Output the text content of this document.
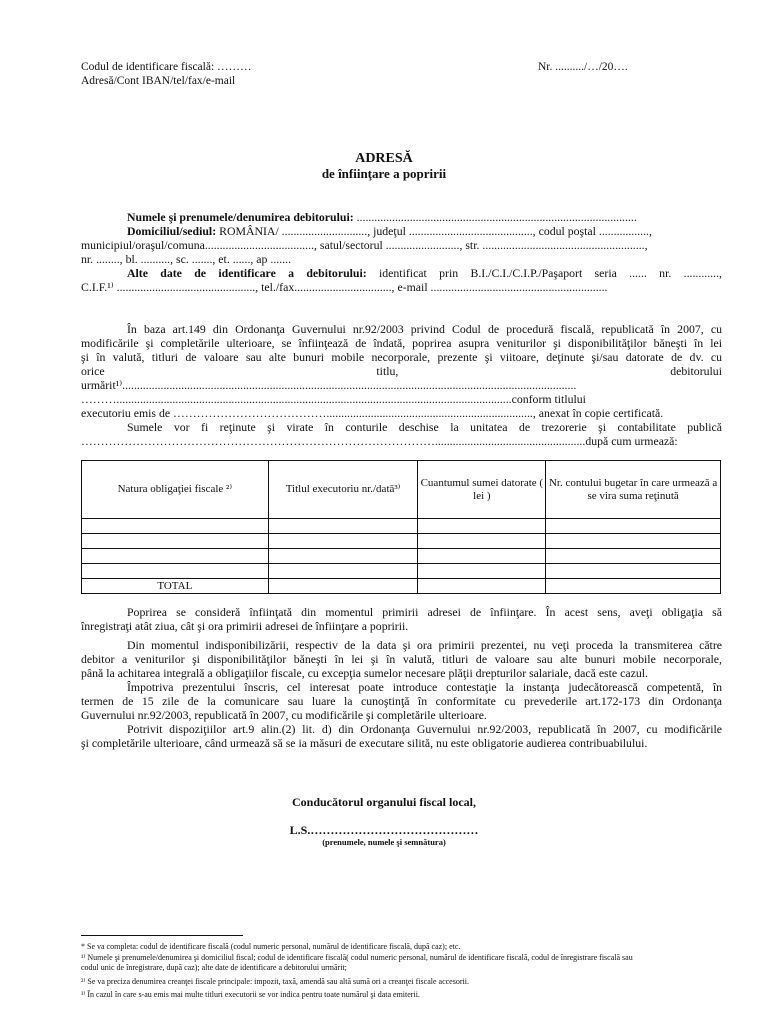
Codul de identificare fiscală: ………
Adresă/Cont IBAN/tel/fax/e-mail
Nr. ........../…/20….
ADRESĂ
de înfiinţare a popririi
Numele şi prenumele/denumirea debitorului: ...............................................................................................
Domiciliul/sediul: ROMÂNIA/ ............................., judeţul .........................................., codul poştal .................,
municipiul/oraşul/comuna....................................., satul/sectorul ........................., str. .......................................................,
nr. ........, bl. .........., sc. ......., et. ......, ap .......
Alte date de identificare a debitorului: identificat prin B.I./C.I./C.I.P./Paşaport seria ...... nr. ............,
C.I.F.¹⁾ ..............................................., tel./fax................................., e-mail ............................................................
În baza art.149 din Ordonanţa Guvernului nr.92/2003 privind Codul de procedură fiscală, republicată în 2007, cu
modificările şi completările ulterioare, se înfiinţează de îndată, poprirea asupra veniturilor şi disponibilităţilor băneşti în lei
şi în valută, titluri de valoare sau alte bunuri mobile necorporale, prezente şi viitoare, deţinute şi/sau datorate de dv. cu
orice	titlu,	debitorului
urmărit¹⁾..........................................................................................................................................................
………......................................................................................................................................conform titlului
executoriu emis de …………………………………......................................................................, anexat în copie certificată.
Sumele vor fi reţinute şi virate în conturile deschise la unitatea de trezorerie şi contabilitate publică
………………………………………………………………………………...................................................după cum urmează:
Natura obligaţiei fiscale ²⁾	Titlul executoriu nr./dată³⁾	Cuantumul sumei datorate ( lei )	Nr. contului bugetar în care urmează a se vira suma reţinută

TOTAL			
Poprirea se consideră înfiinţată din momentul primirii adresei de înfiinţare. În acest sens, aveţi obligaţia să
înregistraţi atât ziua, cât şi ora primirii adresei de înfiinţare a popririi.
Din momentul indisponibilizării, respectiv de la data şi ora primirii prezentei, nu veţi proceda la transmiterea către
debitor a veniturilor şi disponibilităţilor băneşti în lei şi în valută, titluri de valoare sau alte bunuri mobile necorporale,
până la achitarea integrală a obligaţiilor fiscale, cu excepţia sumelor necesare plăţii drepturilor salariale, dacă este cazul.
Împotriva prezentului înscris, cel interesat poate introduce contestaţie la instanţa judecătorească competentă, în
termen de 15 zile de la comunicare sau luare la cunoştinţă în conformitate cu prevederile art.172-173 din Ordonanţa
Guvernului nr.92/2003, republicată în 2007, cu modificările şi completările ulterioare.
Potrivit dispoziţiilor art.9 alin.(2) lit. d) din Ordonanţa Guvernului nr.92/2003, republicată în 2007, cu modificările
şi completările ulterioare, când urmează să se ia măsuri de executare silită, nu este obligatorie audierea contribuabilului.
Conducătorul organului fiscal local,
L.S.……………………………………
(prenumele, numele şi semnătura)
* Se va completa: codul de identificare fiscală (codul numeric personal, numărul de identificare fiscală, după caz); etc.
¹⁾ Numele şi prenumele/denumirea şi domiciliul fiscal; codul de identificare fiscală( codul numeric personal, numărul de identificare fiscală, codul de înregistrare fiscală sau
codul unic de înregistrare, după caz); alte date de identificare a debitorului urmărit;
²⁾ Se va preciza denumirea creanţei fiscale principale: impozit, taxă, amendă sau altă sumă ori a creanţei fiscale accesorii.
³⁾ În cazul în care s-au emis mai multe titluri executorii se vor indica pentru toate numărul şi data emiterii.
